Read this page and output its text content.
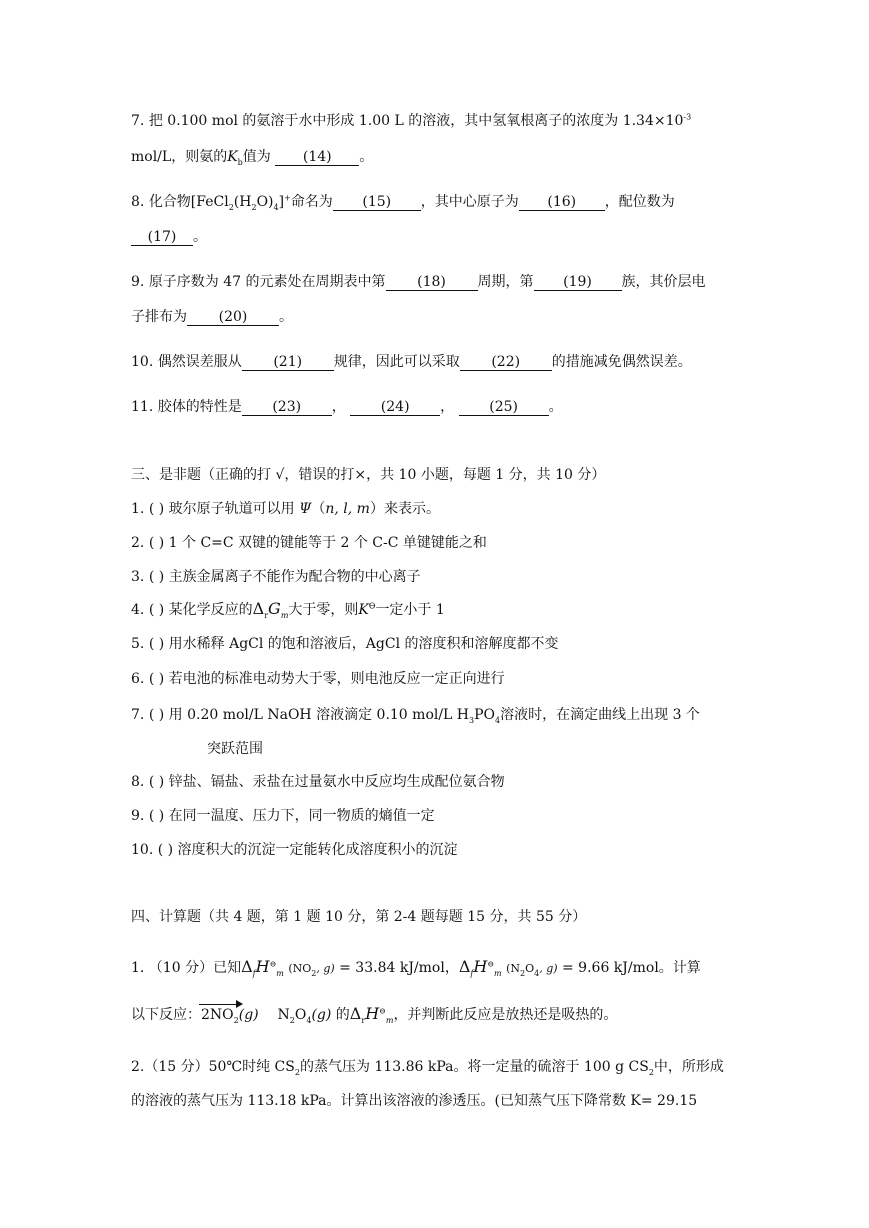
7. 把 0.100 mol 的氨溶于水中形成 1.00 L 的溶液，其中氢氧根离子的浓度为 $1.34\times 10^{-3}$
mol/L，则氨的$K_b$值为 (14) 。
8. 化合物$[FeCl_2(H_2O)_4]^+$命名为 (15) ，其中心原子为 (16) ，配位数为
(17) 。
9. 原子序数为 47 的元素处在周期表中第 (18) 周期，第 (19) 族，其价层电
子排布为 (20) 。
10. 偶然误差服从 (21) 规律，因此可以采取 (22) 的措施减免偶然误差。
11. 胶体的特性是 (23) ，	(24) ，	(25) 。
三、是非题（正确的打 √，错误的打×，共 10 小题，每题 1 分，共 10 分）
1. ( ) 玻尔原子轨道可以用 Ψ（n, l, m）来表示。
2. ( ) 1 个 C=C 双键的键能等于 2 个 C-C 单键键能之和
3. ( ) 主族金属离子不能作为配合物的中心离子
4. ( ) 某化学反应的$\Delta_rG_m$大于零，则$K^ϴ$一定小于 1
5. ( ) 用水稀释 AgCl 的饱和溶液后，AgCl 的溶度积和溶解度都不变
6. ( ) 若电池的标准电动势大于零，则电池反应一定正向进行
7. ( ) 用 0.20 mol/L NaOH 溶液滴定 0.10 mol/L $H_3PO_4$溶液时，在滴定曲线上出现 3 个
突跃范围
8. ( ) 锌盐、镉盐、汞盐在过量氨水中反应均生成配位氨合物
9. ( ) 在同一温度、压力下，同一物质的熵值一定
10. ( ) 溶度积大的沉淀一定能转化成溶度积小的沉淀
四、计算题（共 4 题，第 1 题 10 分，第 2-4 题每题 15 分，共 55 分）
1. （10 分）已知$\Delta_fH^⊖_m$ ($NO_2$, g) = 33.84 kJ/mol，$\Delta_fH^⊖_m$ ($N_2O_4$, g) = 9.66 kJ/mol。计算
以下反应：$2NO_2(g)$ $N_2O_4(g)$ 的$\Delta_rH^⊖_m$，并判断此反应是放热还是吸热的。
2.（15 分）50℃时纯 $CS_2$的蒸气压为 113.86 kPa。将一定量的硫溶于 100 g $CS_2$中，所形成
的溶液的蒸气压为 113.18 kPa。计算出该溶液的渗透压。(已知蒸气压下降常数 K= 29.15
